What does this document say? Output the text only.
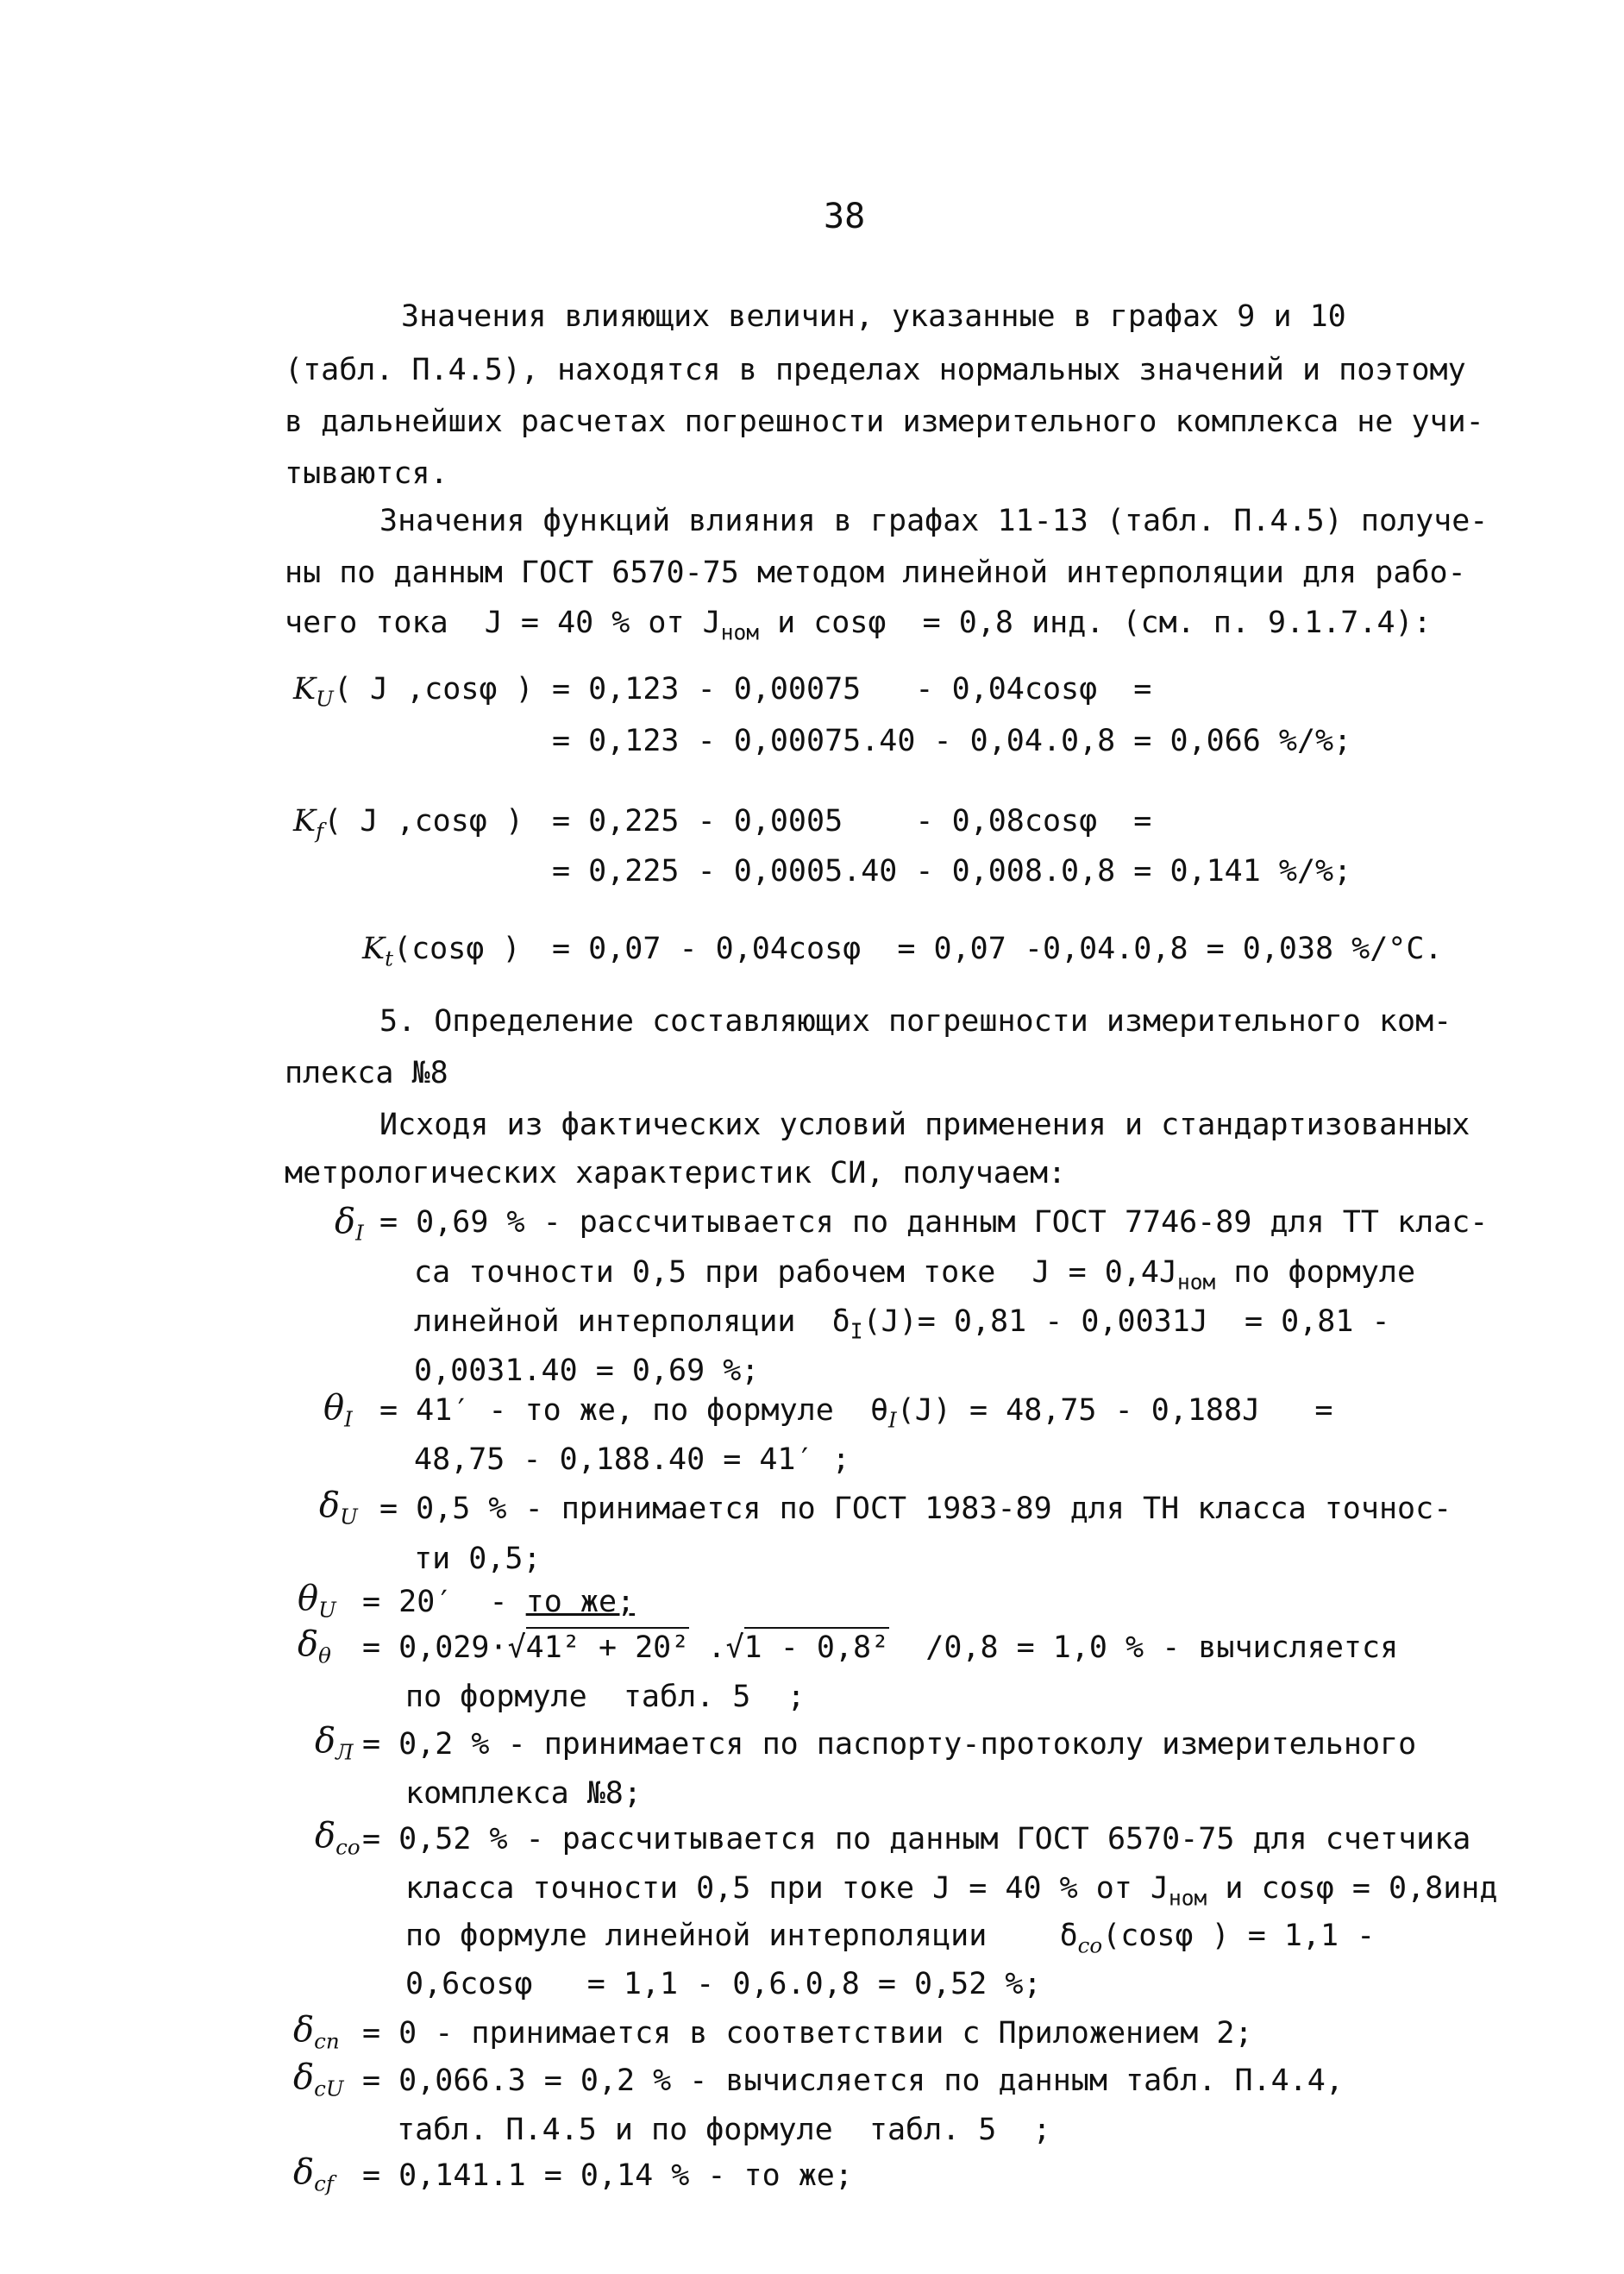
38
Значения влияющих величин, указанные в графах 9 и 10
(табл. П.4.5), находятся в пределах нормальных значений и поэтому
в дальнейших расчетах погрешности измерительного комплекса не учи-
тываются.
Значения функций влияния в графах 11-13 (табл. П.4.5) получе-
ны по данным ГОСТ 6570-75 методом линейной интерполяции для рабо-
чего тока  J = 40 % от $J_{ном}$ и cosφ  = 0,8 инд. (см. п. 9.1.7.4):
$K_U$( J ,cosφ ) = 0,123 - 0,00075   - 0,04cosφ  =
= 0,123 - 0,00075.40 - 0,04.0,8 = 0,066 %/%;
$K_f$( J ,cosφ ) = 0,225 - 0,0005    - 0,08cosφ  =
= 0,225 - 0,0005.40 - 0,008.0,8 = 0,141 %/%;
$K_t(\cos\varphi$ ) = 0,07 - 0,04cosφ  = 0,07 -0,04.0,8 = 0,038 %/°C.
5. Определение составляющих погрешности измерительного ком-
плекса №8
Исходя из фактических условий применения и стандартизованных
метрологических характеристик СИ, получаем:
$\delta_I = 0,69$ % - рассчитывается по данным ГОСТ 7746-89 для ТТ клас-
са точности 0,5 при рабочем токе  $J = 0,4J_{ном}$ по формуле
линейной интерполяции  $\delta_I(J)= 0,81 - 0,0031J = 0,81$ -
0,0031.40 = 0,69 %;
$\theta_I = 41'$ - то же, по формуле  $\theta_I(J) = 48,75 - 0,188J$   =
48,75 - 0,188.40 = 41′ ;
$\delta_U = 0,5$ % - принимается по ГОСТ 1983-89 для ТН класса точнос-
ти 0,5;
$\theta_U = 20'$  - то же;
$\delta_\theta = 0,029\cdot√41^2 + 20^2$ .√1 - 0,8²  /0,8 = 1,0 % - вычисляется
по формуле  табл. 5  ;
$\delta_Л = 0,2$ % - принимается по паспорту-протоколу измерительного
комплекса №8;
$\delta_{со} = 0,52$ % - рассчитывается по данным ГОСТ 6570-75 для счетчика
класса точности 0,5 при токе J = 40 % от $J_{ном}$ и cosφ = 0,8инд
по формуле линейной интерполяции    $\delta_{со}(\cos\varphi$ ) = 1,1 -
0,6cosφ   = 1,1 - 0,6.0,8 = 0,52 %;
$\delta_{сп} = 0$ - принимается в соответствии с Приложением 2;
$\delta_{сU} = 0,066.3 = 0,2$ % - вычисляется по данным табл. П.4.4,
табл. П.4.5 и по формуле  табл. 5  ;
$\delta_{сf} = 0,141.1 = 0,14$ % - то же;
